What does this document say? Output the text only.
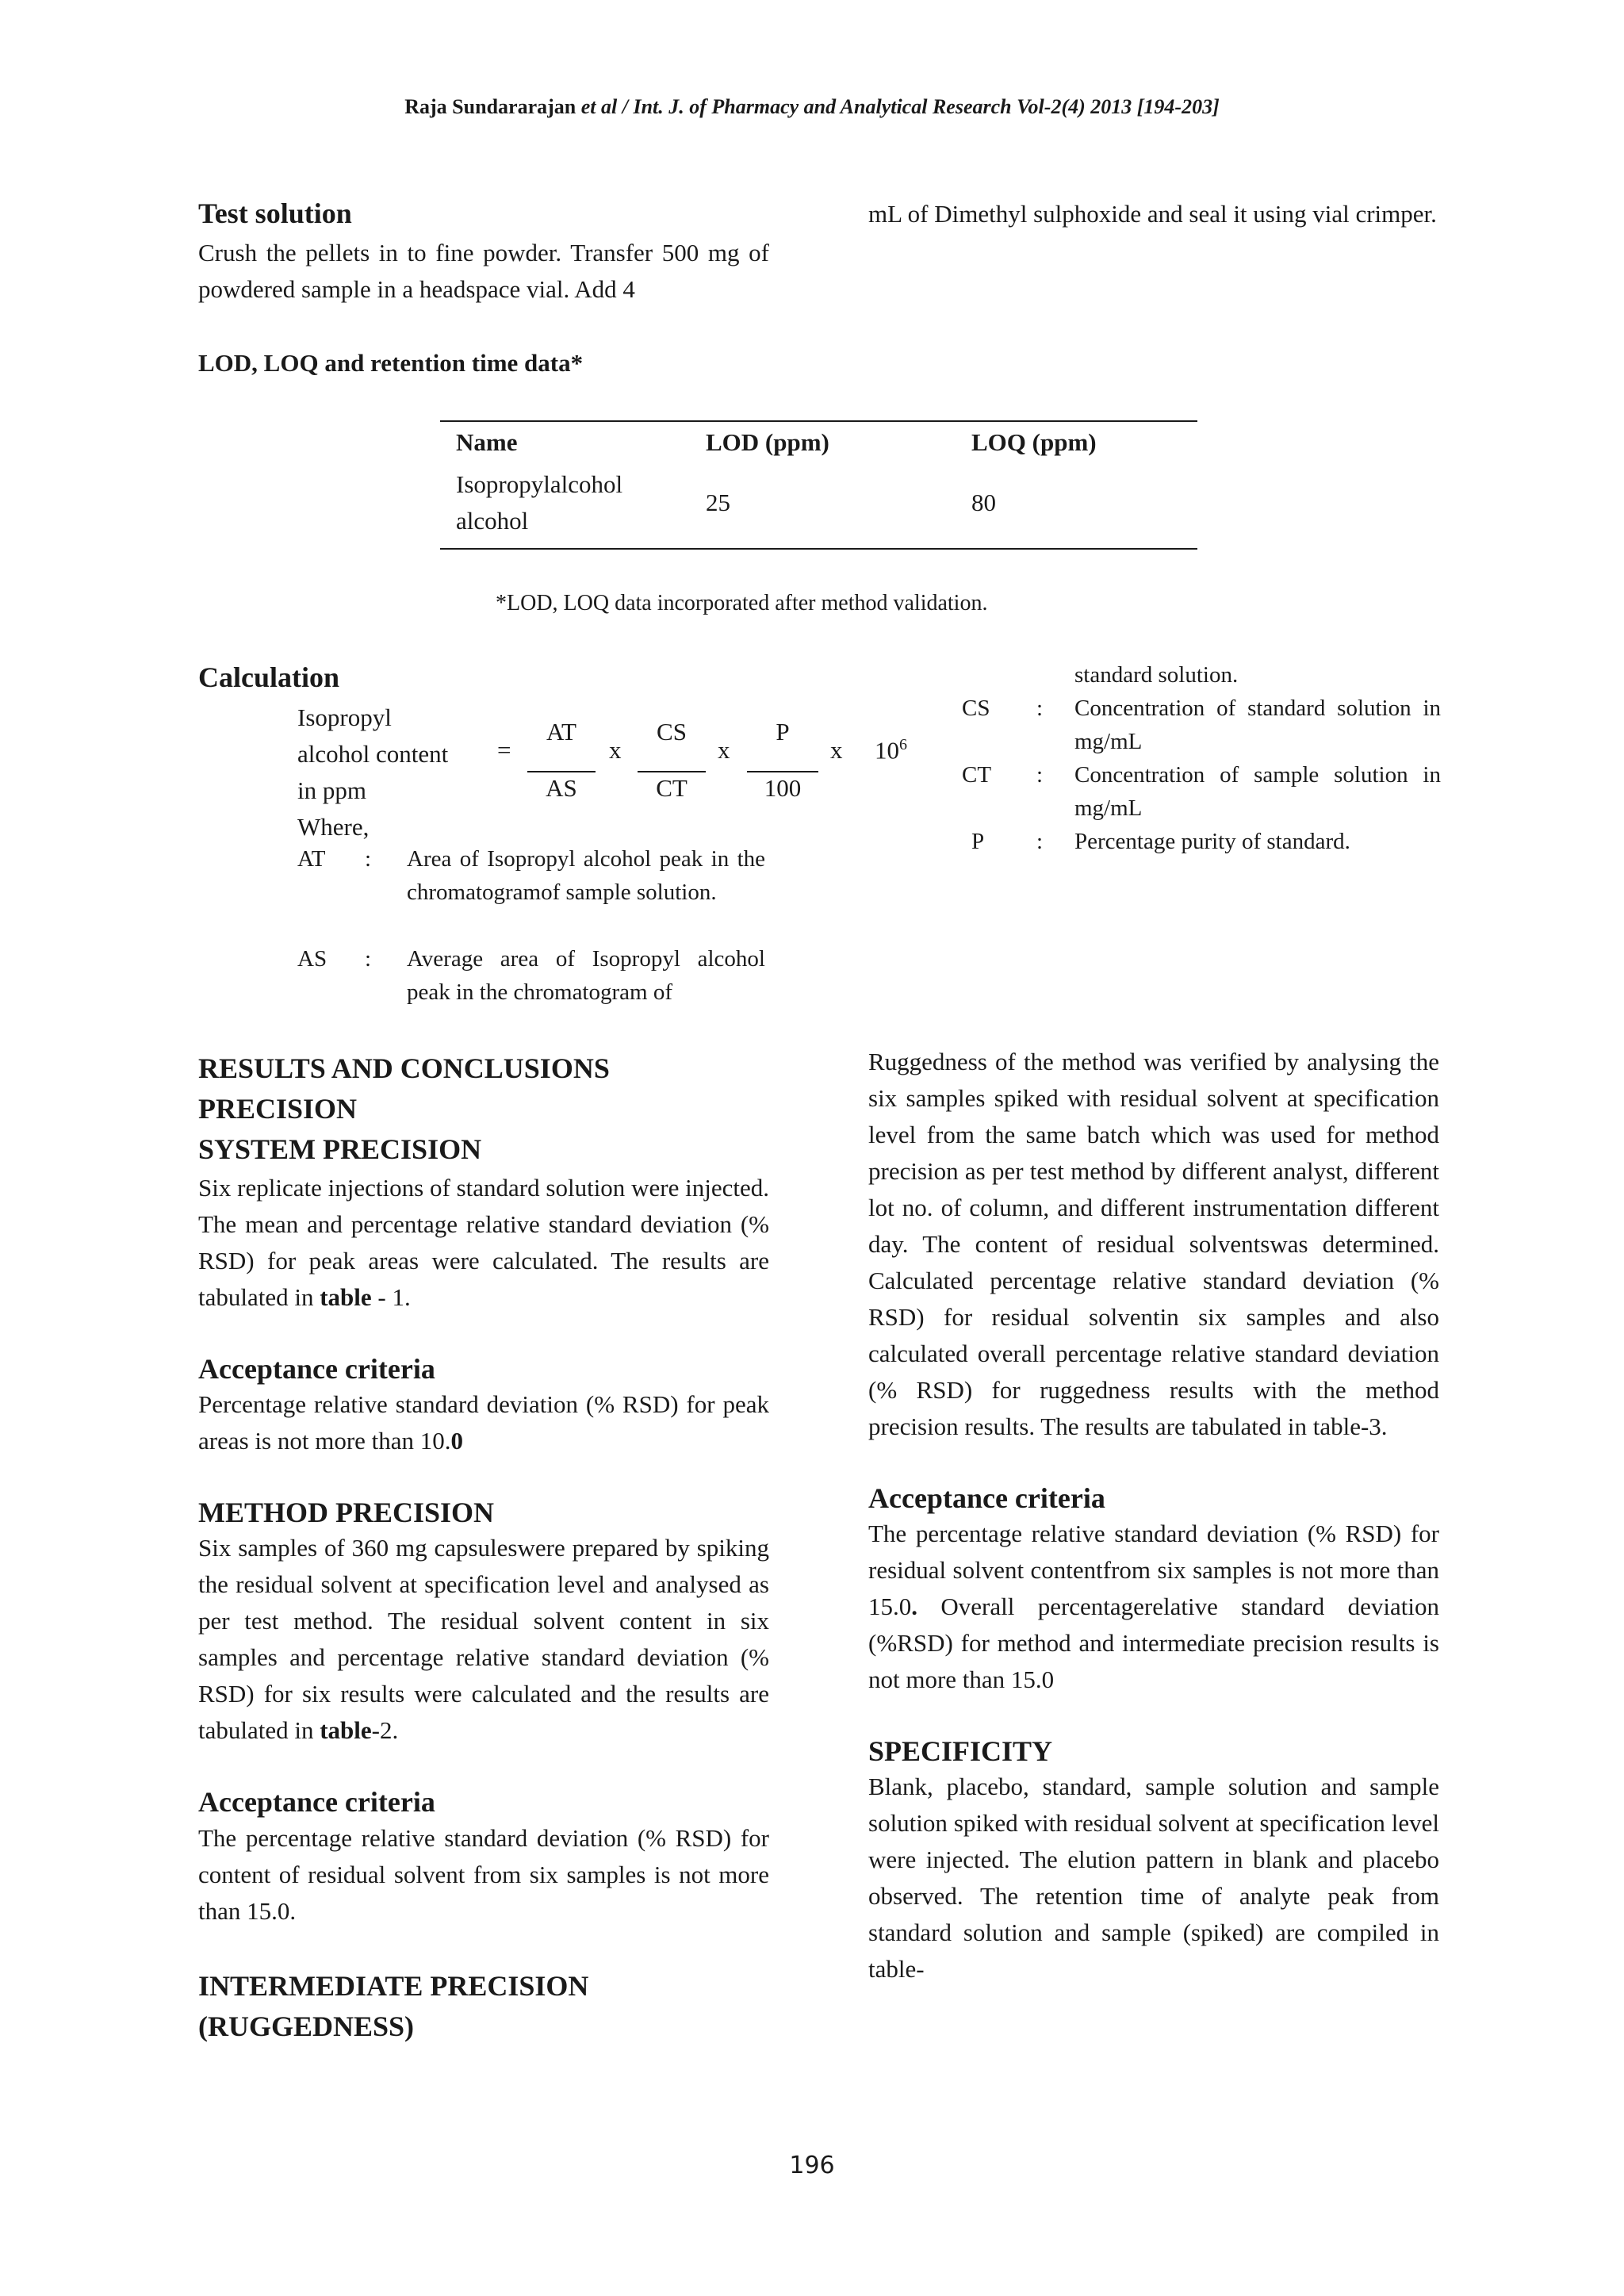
Raja Sundararajan et al / Int. J. of Pharmacy and Analytical Research Vol-2(4) 2013 [194-203]
Test solution
Crush the pellets in to fine powder. Transfer 500 mg of powdered sample in a headspace vial. Add 4
mL of Dimethyl sulphoxide and seal it using vial crimper.
LOD, LOQ and retention time data*
Name	LOD (ppm)	LOQ (ppm)
Isopropylalcohol alcohol	25	80
*LOD, LOQ data incorporated after method validation.
Calculation
Isopropyl
alcohol content
in ppm
Where,
=
AT
AS
x
CS
CT
x
P
100
x $10^6$
AT : Area of Isopropyl alcohol peak in the chromatogramof sample solution.
AS : Average area of Isopropyl alcohol peak in the chromatogram of
standard solution.
CS : Concentration of standard solution in mg/mL
CT : Concentration of sample solution in mg/mL
P : Percentage purity of standard.
RESULTS AND CONCLUSIONS
PRECISION
SYSTEM PRECISION
Six replicate injections of standard solution were injected. The mean and percentage relative standard deviation (% RSD) for peak areas were calculated. The results are tabulated in table - 1.
Acceptance criteria
Percentage relative standard deviation (% RSD) for peak areas is not more than 10.0
METHOD PRECISION
Six samples of 360 mg capsuleswere prepared by spiking the residual solvent at specification level and analysed as per test method. The residual solvent content in six samples and percentage relative standard deviation (% RSD) for six results were calculated and the results are tabulated in table-2.
Acceptance criteria
The percentage relative standard deviation (% RSD) for content of residual solvent from six samples is not more than 15.0.
INTERMEDIATE PRECISION (RUGGEDNESS)
Ruggedness of the method was verified by analysing the six samples spiked with residual solvent at specification level from the same batch which was used for method precision as per test method by different analyst, different lot no. of column, and different instrumentation different day. The content of residual solventswas determined. Calculated percentage relative standard deviation (% RSD) for residual solventin six samples and also calculated overall percentage relative standard deviation (% RSD) for ruggedness results with the method precision results. The results are tabulated in table-3.
Acceptance criteria
The percentage relative standard deviation (% RSD) for residual solvent contentfrom six samples is not more than 15.0. Overall percentagerelative standard deviation (%RSD) for method and intermediate precision results is not more than 15.0
SPECIFICITY
Blank, placebo, standard, sample solution and sample solution spiked with residual solvent at specification level were injected. The elution pattern in blank and placebo observed. The retention time of analyte peak from standard solution and sample (spiked) are compiled in table-
196
